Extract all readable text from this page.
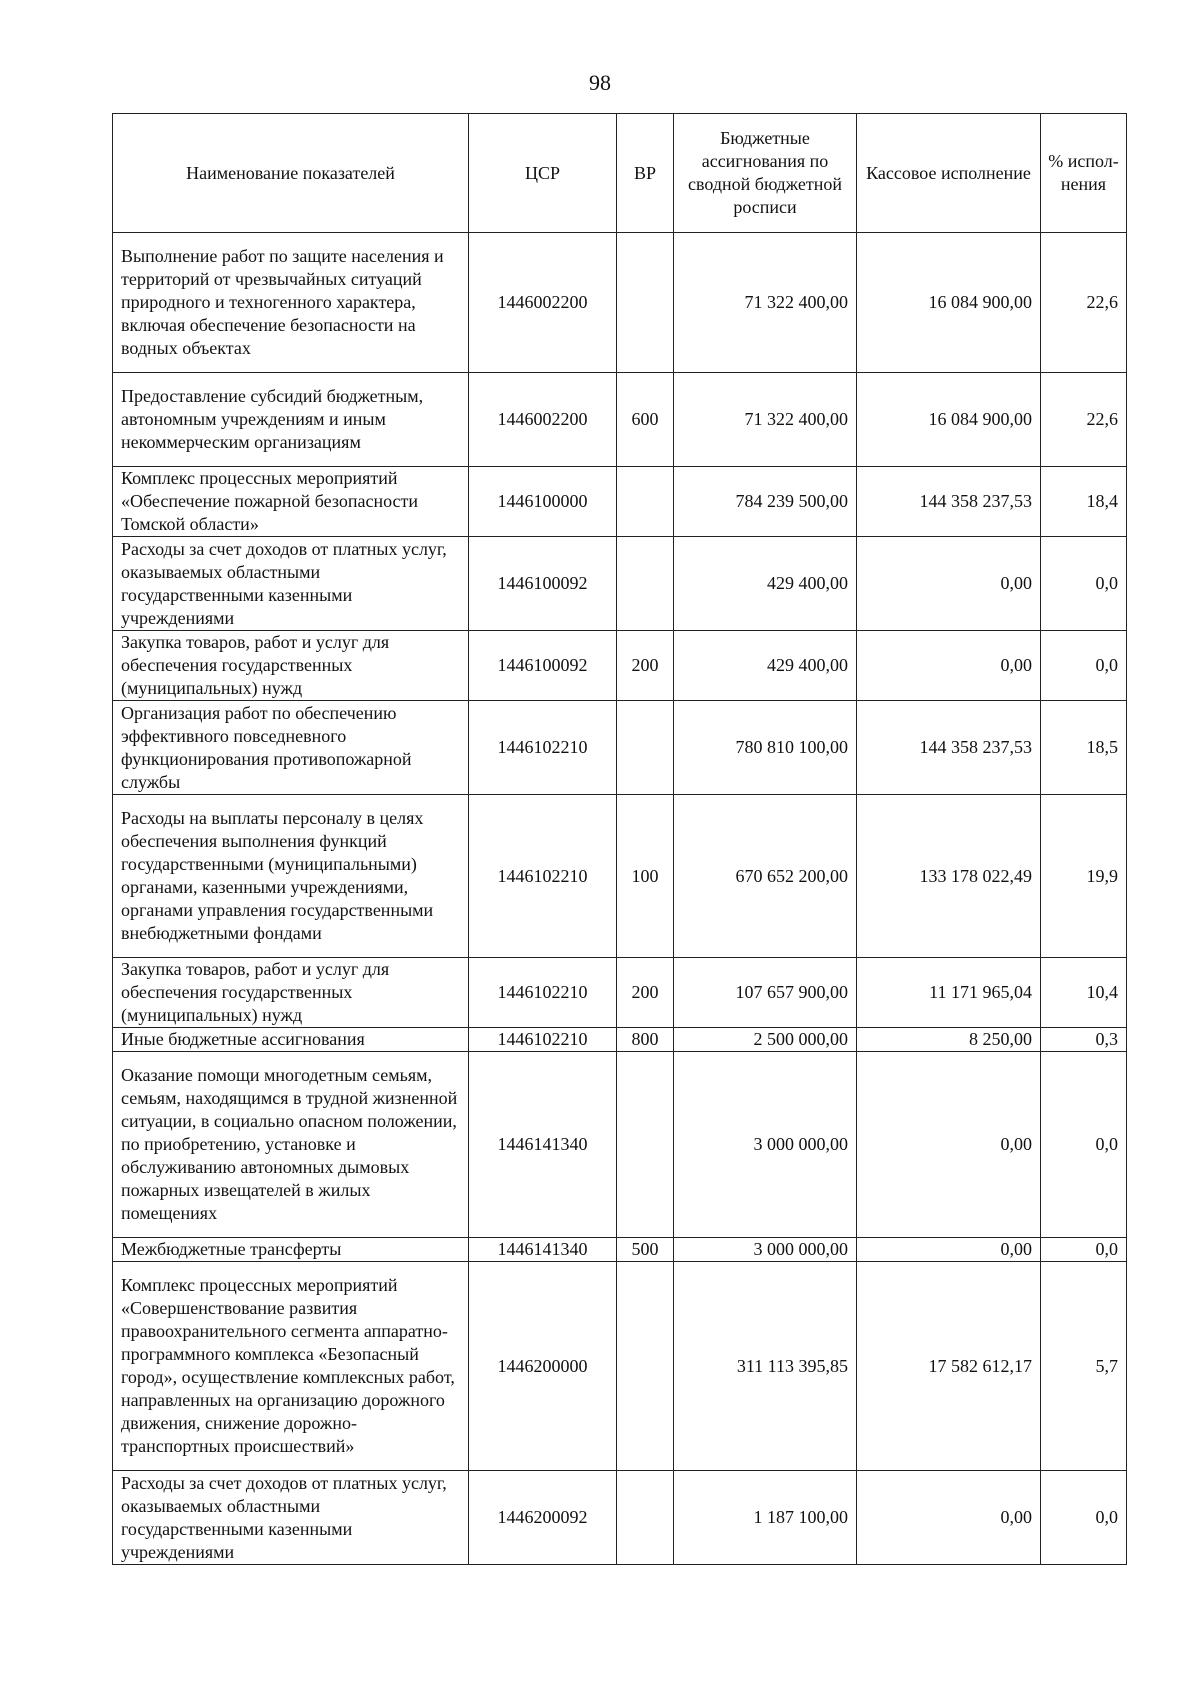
98
Наименование показателей	ЦСР	ВР	Бюджетные ассигнования по сводной бюджетной росписи	Кассовое исполнение	% испол-нения
Выполнение работ по защите населения и территорий от чрезвычайных ситуаций природного и техногенного характера, включая обеспечение безопасности на водных объектах	1446002200		71 322 400,00	16 084 900,00	22,6
Предоставление субсидий бюджетным, автономным учреждениям и иным некоммерческим организациям	1446002200	600	71 322 400,00	16 084 900,00	22,6
Комплекс процессных мероприятий «Обеспечение пожарной безопасности Томской области»	1446100000		784 239 500,00	144 358 237,53	18,4
Расходы за счет доходов от платных услуг, оказываемых областными государственными казенными учреждениями	1446100092		429 400,00	0,00	0,0
Закупка товаров, работ и услуг для обеспечения государственных (муниципальных) нужд	1446100092	200	429 400,00	0,00	0,0
Организация работ по обеспечению эффективного повседневного функционирования противопожарной службы	1446102210		780 810 100,00	144 358 237,53	18,5
Расходы на выплаты персоналу в целях обеспечения выполнения функций государственными (муниципальными) органами, казенными учреждениями, органами управления государственными внебюджетными фондами	1446102210	100	670 652 200,00	133 178 022,49	19,9
Закупка товаров, работ и услуг для обеспечения государственных (муниципальных) нужд	1446102210	200	107 657 900,00	11 171 965,04	10,4
Иные бюджетные ассигнования	1446102210	800	2 500 000,00	8 250,00	0,3
Оказание помощи многодетным семьям, семьям, находящимся в трудной жизненной ситуации, в социально опасном положении, по приобретению, установке и обслуживанию автономных дымовых пожарных извещателей в жилых помещениях	1446141340		3 000 000,00	0,00	0,0
Межбюджетные трансферты	1446141340	500	3 000 000,00	0,00	0,0
Комплекс процессных мероприятий «Совершенствование развития правоохранительного сегмента аппаратно-программного комплекса «Безопасный город», осуществление комплексных работ, направленных на организацию дорожного движения, снижение дорожно-транспортных происшествий»	1446200000		311 113 395,85	17 582 612,17	5,7
Расходы за счет доходов от платных услуг, оказываемых областными государственными казенными учреждениями	1446200092		1 187 100,00	0,00	0,0
